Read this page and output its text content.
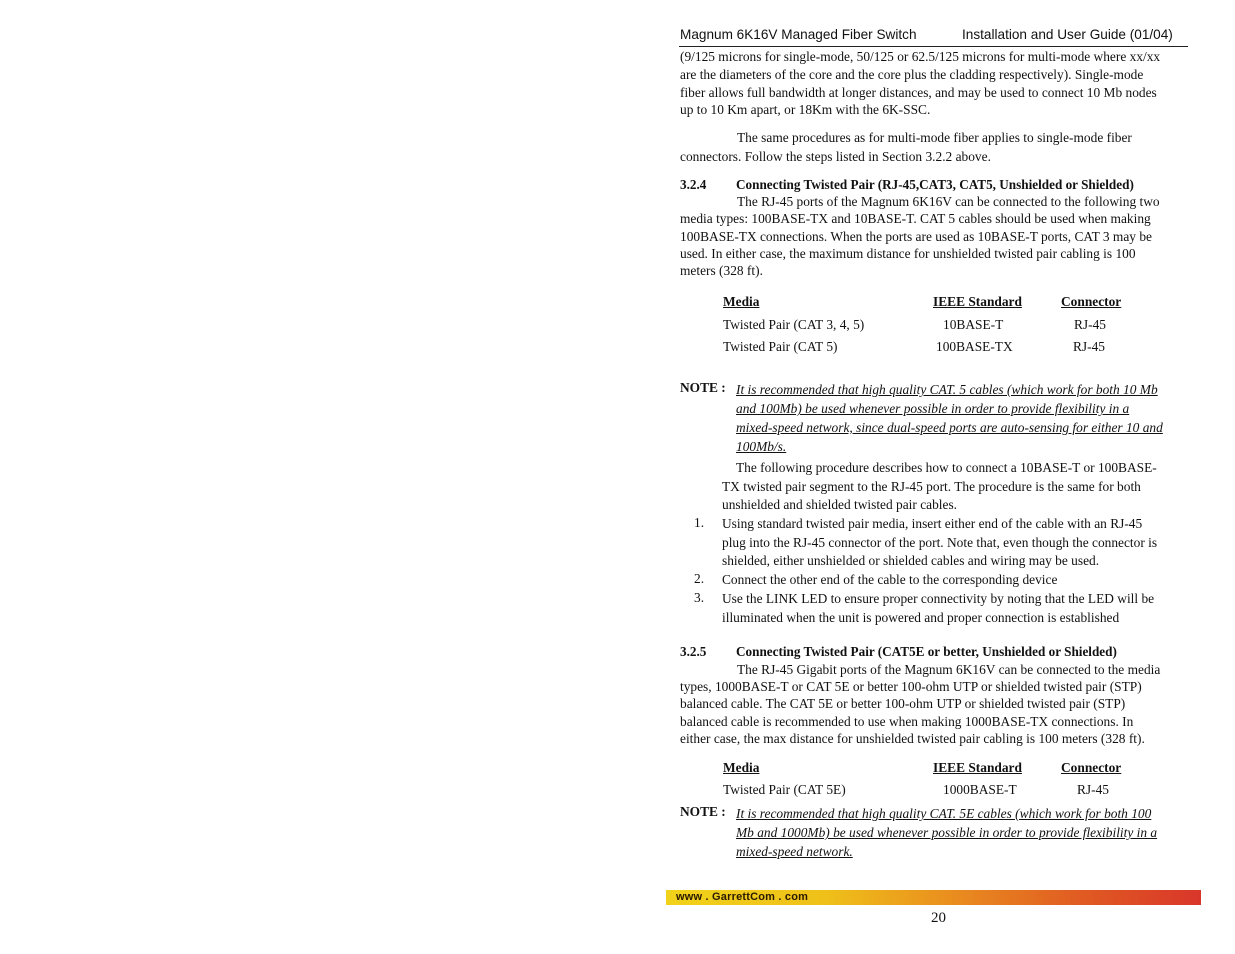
Magnum 6K16V Managed Fiber Switch	Installation and User Guide (01/04)
(9/125 microns for single-mode, 50/125 or 62.5/125 microns for multi-mode where xx/xx
are the diameters of the core and the core plus the cladding respectively). Single-mode
fiber allows full bandwidth at longer distances, and may be used to connect 10 Mb nodes
up to 10 Km apart, or 18Km with the 6K-SSC.
The same procedures as for multi-mode fiber applies to single-mode fiber
connectors. Follow the steps listed in Section 3.2.2 above.
3.2.4 Connecting Twisted Pair (RJ-45,CAT3, CAT5, Unshielded or Shielded)
The RJ-45 ports of the Magnum 6K16V can be connected to the following two
media types: 100BASE-TX and 10BASE-T. CAT 5 cables should be used when making
100BASE-TX connections. When the ports are used as 10BASE-T ports, CAT 3 may be
used. In either case, the maximum distance for unshielded twisted pair cabling is 100
meters (328 ft).
Media	IEEE Standard	Connector
Twisted Pair (CAT 3, 4, 5)	10BASE-T	RJ-45
Twisted Pair (CAT 5)	100BASE-TX	RJ-45
NOTE : It is recommended that high quality CAT. 5 cables (which work for both 10 Mb
and 100Mb) be used whenever possible in order to provide flexibility in a
mixed-speed network, since dual-speed ports are auto-sensing for either 10 and
100Mb/s.
The following procedure describes how to connect a 10BASE-T or 100BASE-
TX twisted pair segment to the RJ-45 port. The procedure is the same for both
unshielded and shielded twisted pair cables.
1. Using standard twisted pair media, insert either end of the cable with an RJ-45
plug into the RJ-45 connector of the port. Note that, even though the connector is
shielded, either unshielded or shielded cables and wiring may be used.
2. Connect the other end of the cable to the corresponding device
3. Use the LINK LED to ensure proper connectivity by noting that the LED will be
illuminated when the unit is powered and proper connection is established
3.2.5 Connecting Twisted Pair (CAT5E or better, Unshielded or Shielded)
The RJ-45 Gigabit ports of the Magnum 6K16V can be connected to the media
types, 1000BASE-T or CAT 5E or better 100-ohm UTP or shielded twisted pair (STP)
balanced cable. The CAT 5E or better 100-ohm UTP or shielded twisted pair (STP)
balanced cable is recommended to use when making 1000BASE-TX connections. In
either case, the max distance for unshielded twisted pair cabling is 100 meters (328 ft).
Media	IEEE Standard	Connector
Twisted Pair (CAT 5E)	1000BASE-T	RJ-45
NOTE : It is recommended that high quality CAT. 5E cables (which work for both 100
Mb and 1000Mb) be used whenever possible in order to provide flexibility in a
mixed-speed network.
www . GarrettCom . com
20
